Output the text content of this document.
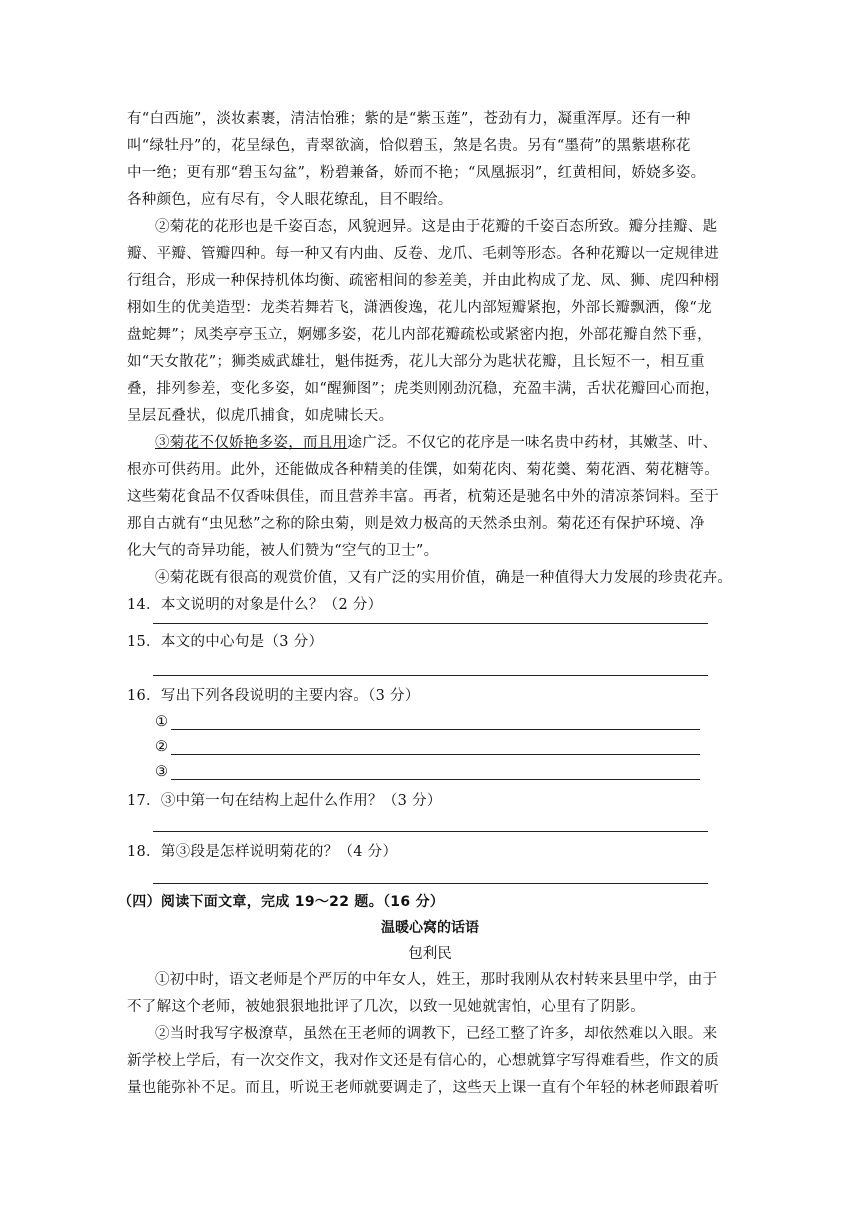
有“白西施”，淡妆素裹，清洁怡雅；紫的是“紫玉莲”，苍劲有力，凝重浑厚。还有一种
叫“绿牡丹”的，花呈绿色，青翠欲滴，恰似碧玉，煞是名贵。另有“墨荷”的黑紫堪称花
中一绝；更有那“碧玉勾盆”，粉碧兼备，娇而不艳；“凤凰振羽”，红黄相间，娇娆多姿。
各种颜色，应有尽有，令人眼花缭乱，目不暇给。
②菊花的花形也是千姿百态，风貌迥异。这是由于花瓣的千姿百态所致。瓣分挂瓣、匙
瓣、平瓣、管瓣四种。每一种又有内曲、反卷、龙爪、毛刺等形态。各种花瓣以一定规律进
行组合，形成一种保持机体均衡、疏密相间的参差美，并由此构成了龙、凤、狮、虎四种栩
栩如生的优美造型：龙类若舞若飞，潇洒俊逸，花儿内部短瓣紧抱，外部长瓣飘洒，像“龙
盘蛇舞”；凤类亭亭玉立，婀娜多姿，花儿内部花瓣疏松或紧密内抱，外部花瓣自然下垂，
如“天女散花”；狮类威武雄壮，魁伟挺秀，花儿大部分为匙状花瓣，且长短不一，相互重
叠，排列参差，变化多姿，如“醒狮图”；虎类则刚劲沉稳，充盈丰满，舌状花瓣回心而抱，
呈层瓦叠状，似虎爪捕食，如虎啸长天。
③菊花不仅娇艳多姿，而且用途广泛。不仅它的花序是一味名贵中药材，其嫩茎、叶、
根亦可供药用。此外，还能做成各种精美的佳馔，如菊花肉、菊花羹、菊花酒、菊花糖等。
这些菊花食品不仅香味俱佳，而且营养丰富。再者，杭菊还是驰名中外的清凉茶饲料。至于
那自古就有“虫见愁”之称的除虫菊，则是效力极高的天然杀虫剂。菊花还有保护环境、净
化大气的奇异功能，被人们赞为“空气的卫士”。
④菊花既有很高的观赏价值，又有广泛的实用价值，确是一种值得大力发展的珍贵花卉。
14．本文说明的对象是什么？（2 分）
15．本文的中心句是（3 分）
16．写出下列各段说明的主要内容。（3 分）
①
②
③
17．③中第一句在结构上起什么作用？（3 分）
18．第③段是怎样说明菊花的？（4 分）
（四）阅读下面文章，完成 19～22 题。（16 分）
温暖心窝的话语
包利民
①初中时，语文老师是个严厉的中年女人，姓王，那时我刚从农村转来县里中学，由于
不了解这个老师，被她狠狠地批评了几次，以致一见她就害怕，心里有了阴影。
②当时我写字极潦草，虽然在王老师的调教下，已经工整了许多，却依然难以入眼。来
新学校上学后，有一次交作文，我对作文还是有信心的，心想就算字写得难看些，作文的质
量也能弥补不足。而且，听说王老师就要调走了，这些天上课一直有个年轻的林老师跟着听
